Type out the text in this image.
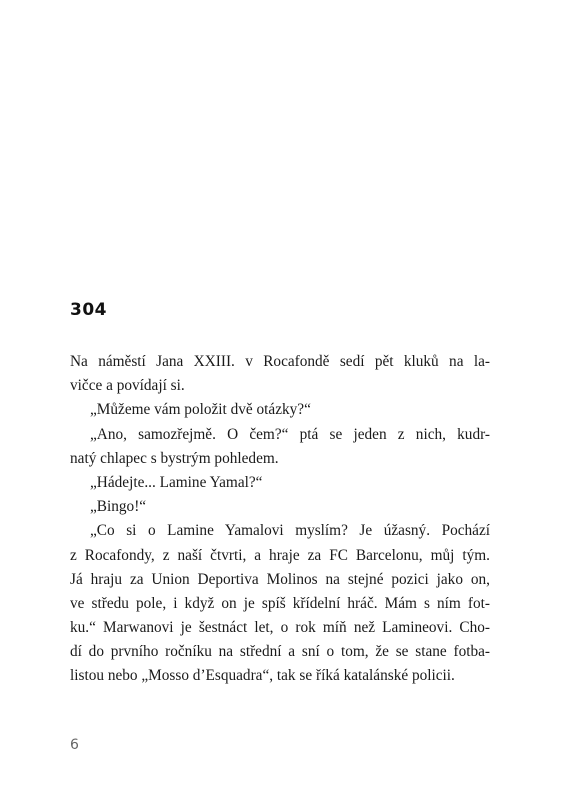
304
Na náměstí Jana XXIII. v Rocafondě sedí pět kluků na la-
vičce a povídají si.
„Můžeme vám položit dvě otázky?“
„Ano, samozřejmě. O čem?“ ptá se jeden z nich, kudr-
natý chlapec s bystrým pohledem.
„Hádejte... Lamine Yamal?“
„Bingo!“
„Co si o Lamine Yamalovi myslím? Je úžasný. Pochází
z Rocafondy, z naší čtvrti, a hraje za FC Barcelonu, můj tým.
Já hraju za Union Deportiva Molinos na stejné pozici jako on,
ve středu pole, i když on je spíš křídelní hráč. Mám s ním fot-
ku.“ Marwanovi je šestnáct let, o rok míň než Lamineovi. Cho-
dí do prvního ročníku na střední a sní o tom, že se stane fotba-
listou nebo „Mosso d’Esquadra“, tak se říká katalánské policii.
6
